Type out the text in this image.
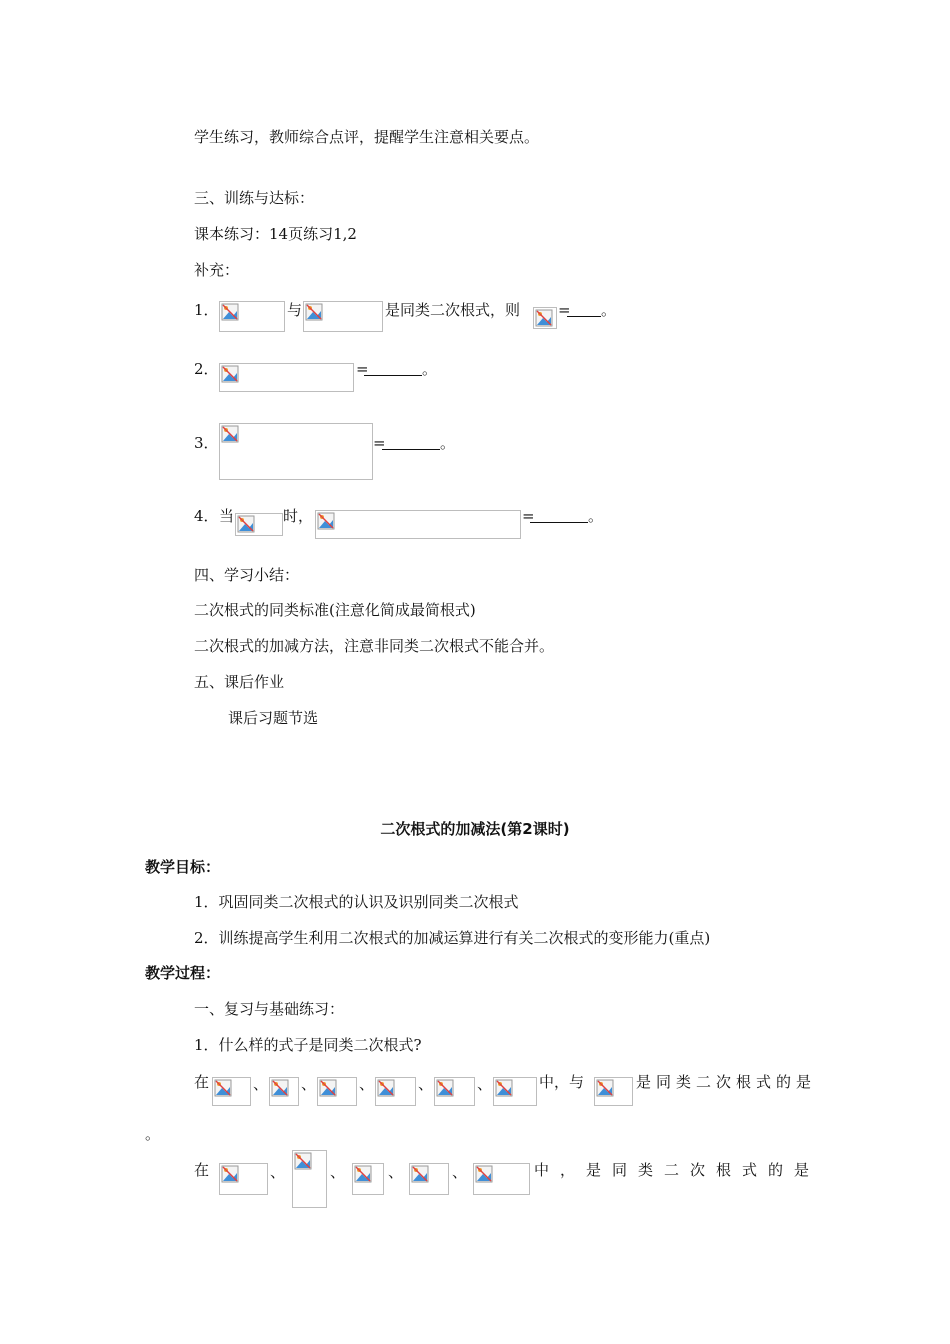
学生练习，教师综合点评，提醒学生注意相关要点。
三、训练与达标：
课本练习：14页练习1,2
补充：
1．	与	是同类二次根式，则	= 。
2．	=	。
3．	=	。
4． 当	时，	=	。
四、学习小结：
二次根式的同类标准(注意化简成最简根式)
二次根式的加减方法，注意非同类二次根式不能合并。
五、课后作业
课后习题节选
二次根式的加减法(第2课时)
教学目标：
1．巩固同类二次根式的认识及识别同类二次根式
2．训练提高学生利用二次根式的加减运算进行有关二次根式的变形能力(重点)
教学过程：
一、复习与基础练习：
1．什么样的式子是同类二次根式?
在	、 、	、	、	、	中，与	是同类二次根式的是
。
在	、	、	、	、	中，是同类二次根式的是
